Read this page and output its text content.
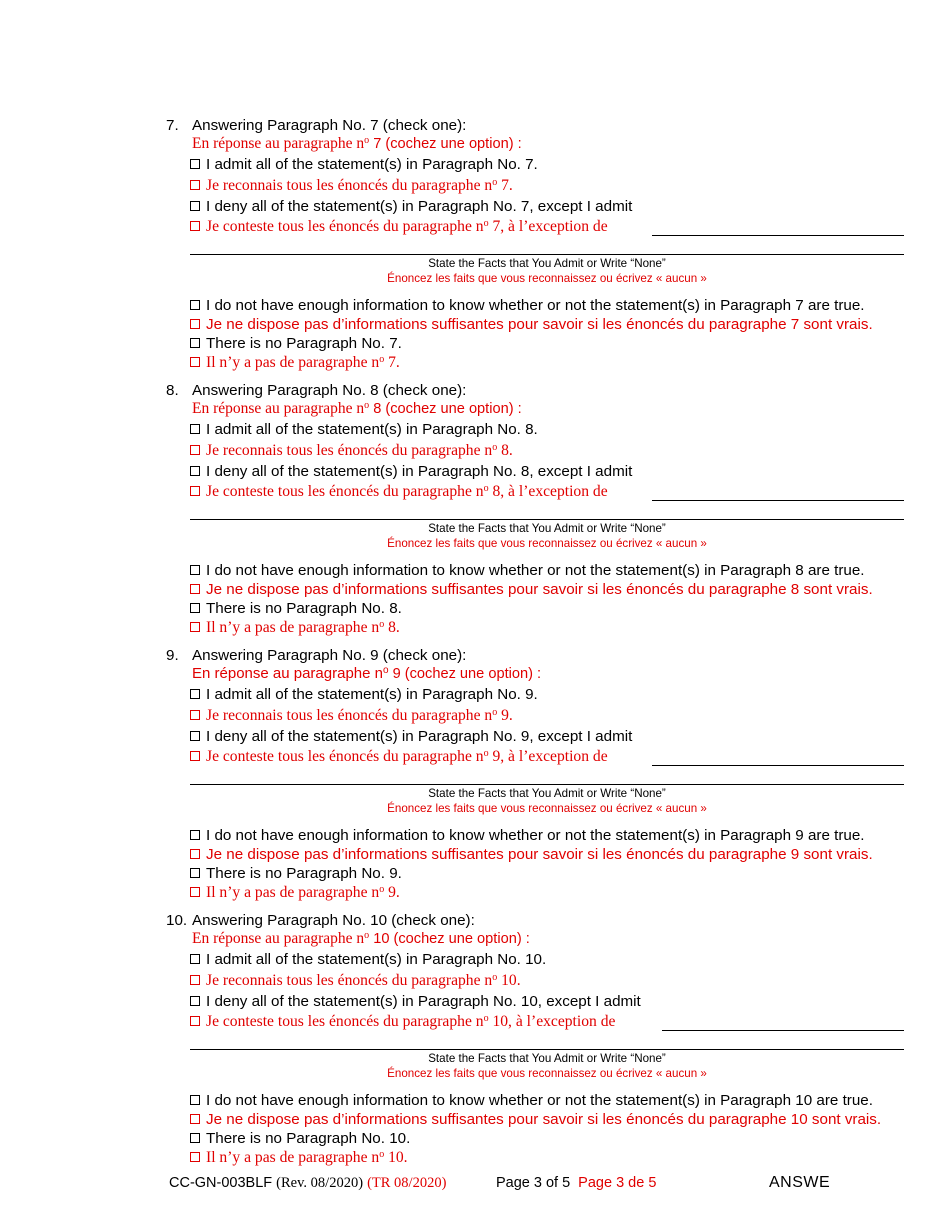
7. Answering Paragraph No. 7 (check one):
En réponse au paragraphe $n^o$ 7 (cochez une option) :
I admit all of the statement(s) in Paragraph No. 7.
Je reconnais tous les énoncés du paragraphe $n^o$ 7.
I deny all of the statement(s) in Paragraph No. 7, except I admit
Je conteste tous les énoncés du paragraphe $n^o$ 7, à l’exception de
State the Facts that You Admit or Write “None”
Énoncez les faits que vous reconnaissez ou écrivez « aucun »
I do not have enough information to know whether or not the statement(s) in Paragraph 7 are true.
Je ne dispose pas d’informations suffisantes pour savoir si les énoncés du paragraphe 7 sont vrais.
There is no Paragraph No. 7.
Il n’y a pas de paragraphe $n^o$ 7.
8. Answering Paragraph No. 8 (check one):
En réponse au paragraphe $n^o$ 8 (cochez une option) :
I admit all of the statement(s) in Paragraph No. 8.
Je reconnais tous les énoncés du paragraphe $n^o$ 8.
I deny all of the statement(s) in Paragraph No. 8, except I admit
Je conteste tous les énoncés du paragraphe $n^o$ 8, à l’exception de
State the Facts that You Admit or Write “None”
Énoncez les faits que vous reconnaissez ou écrivez « aucun »
I do not have enough information to know whether or not the statement(s) in Paragraph 8 are true.
Je ne dispose pas d’informations suffisantes pour savoir si les énoncés du paragraphe 8 sont vrais.
There is no Paragraph No. 8.
Il n’y a pas de paragraphe $n^o$ 8.
9. Answering Paragraph No. 9 (check one):
En réponse au paragraphe $n^o$ 9 (cochez une option) :
I admit all of the statement(s) in Paragraph No. 9.
Je reconnais tous les énoncés du paragraphe $n^o$ 9.
I deny all of the statement(s) in Paragraph No. 9, except I admit
Je conteste tous les énoncés du paragraphe $n^o$ 9, à l’exception de
State the Facts that You Admit or Write “None”
Énoncez les faits que vous reconnaissez ou écrivez « aucun »
I do not have enough information to know whether or not the statement(s) in Paragraph 9 are true.
Je ne dispose pas d’informations suffisantes pour savoir si les énoncés du paragraphe 9 sont vrais.
There is no Paragraph No. 9.
Il n’y a pas de paragraphe $n^o$ 9.
10. Answering Paragraph No. 10 (check one):
En réponse au paragraphe $n^o$ 10 (cochez une option) :
I admit all of the statement(s) in Paragraph No. 10.
Je reconnais tous les énoncés du paragraphe $n^o$ 10.
I deny all of the statement(s) in Paragraph No. 10, except I admit
Je conteste tous les énoncés du paragraphe $n^o$ 10, à l’exception de
State the Facts that You Admit or Write “None”
Énoncez les faits que vous reconnaissez ou écrivez « aucun »
I do not have enough information to know whether or not the statement(s) in Paragraph 10 are true.
Je ne dispose pas d’informations suffisantes pour savoir si les énoncés du paragraphe 10 sont vrais.
There is no Paragraph No. 10.
Il n’y a pas de paragraphe $n^o$ 10.
CC-GN-003BLF (Rev. 08/2020) (TR 08/2020)	Page 3 of 5 Page 3 de 5	ANSWE
